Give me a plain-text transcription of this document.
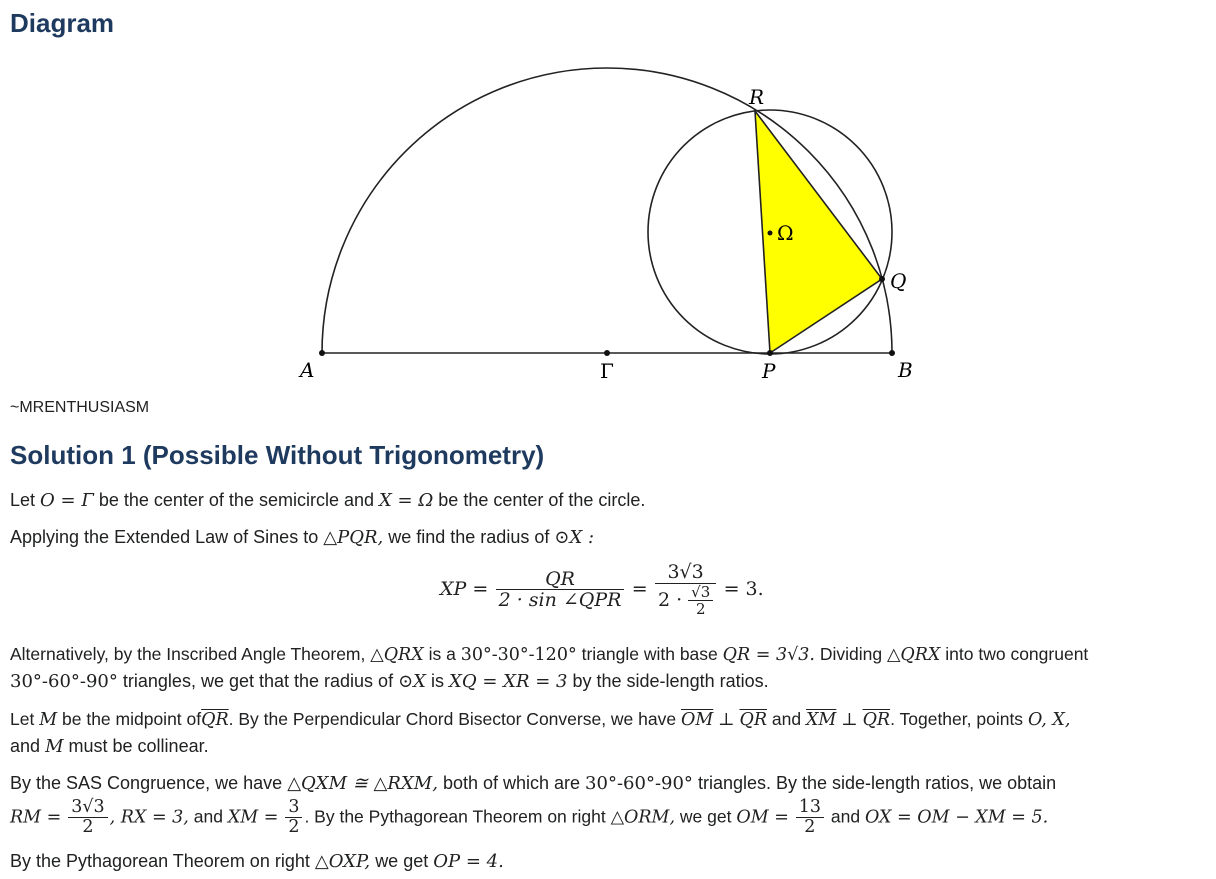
Diagram
R
Q
Ω
A	Γ	P	B
~MRENTHUSIASM
Solution 1 (Possible Without Trigonometry)
Let O = Γ be the center of the semicircle and X = Ω be the center of the circle.
Applying the Extended Law of Sines to △PQR, we find the radius of ⊙X :
XP = $\frac{QR}{\text{2 · sin ∠QPR}} = \frac{3√3}{2 \cdot \frac{√3}{2}} = 3$.
Alternatively, by the Inscribed Angle Theorem, △QRX is a 30°-30°-120° triangle with base QR = 3√3. Dividing △QRX into two congruent
30°-60°-90° triangles, we get that the radius of ⊙X is XQ = XR = 3 by the side-length ratios.
Let M be the midpoint $of\overline{QR}$. By the Perpendicular Chord Bisector Converse, we have $\overline{OM}$ ⊥ $\overline{QR}$ and $\overline{XM}$ ⊥ $\overline{QR}$. Together, points O, X,
and M must be collinear.
By the SAS Congruence, we have △QXM ≅ △RXM, both of which are 30°-60°-90° triangles. By the side-length ratios, we obtain
RM = $\frac{3√3}{2}$ , RX = 3, and XM = $\frac{3}{2}$ . By the Pythagorean Theorem on right △ORM, we get OM = $\frac{13}{2}$ and OX = OM − XM = 5.
By the Pythagorean Theorem on right △OXP, we get OP = 4.
